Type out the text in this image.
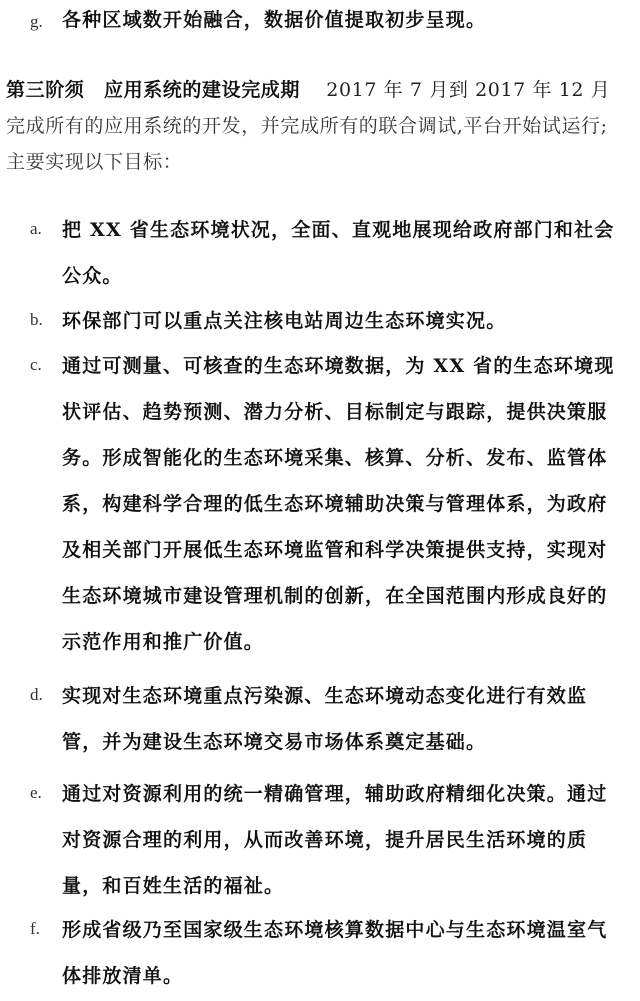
g. 各种区域数开始融合，数据价值提取初步呈现。
第三阶须　应用系统的建设完成期　 2017 年 7 月到 2017 年 12 月
完成所有的应用系统的开发，并完成所有的联合调试,平台开始试运行;主要实现以下目标：
a. 把 XX 省生态环境状况，全面、直观地展现给政府部门和社会公众。
b. 环保部门可以重点关注核电站周边生态环境实况。
c. 通过可测量、可核查的生态环境数据，为 XX 省的生态环境现状评估、趋势预测、潜力分析、目标制定与跟踪，提供决策服务。形成智能化的生态环境采集、核算、分析、发布、监管体系，构建科学合理的低生态环境辅助决策与管理体系，为政府及相关部门开展低生态环境监管和科学决策提供支持，实现对生态环境城市建设管理机制的创新，在全国范围内形成良好的示范作用和推广价值。
d. 实现对生态环境重点污染源、生态环境动态变化进行有效监管，并为建设生态环境交易市场体系奠定基础。
e. 通过对资源利用的统一精确管理，辅助政府精细化决策。通过对资源合理的利用，从而改善环境，提升居民生活环境的质量，和百姓生活的福祉。
f. 形成省级乃至国家级生态环境核算数据中心与生态环境温室气体排放清单。
